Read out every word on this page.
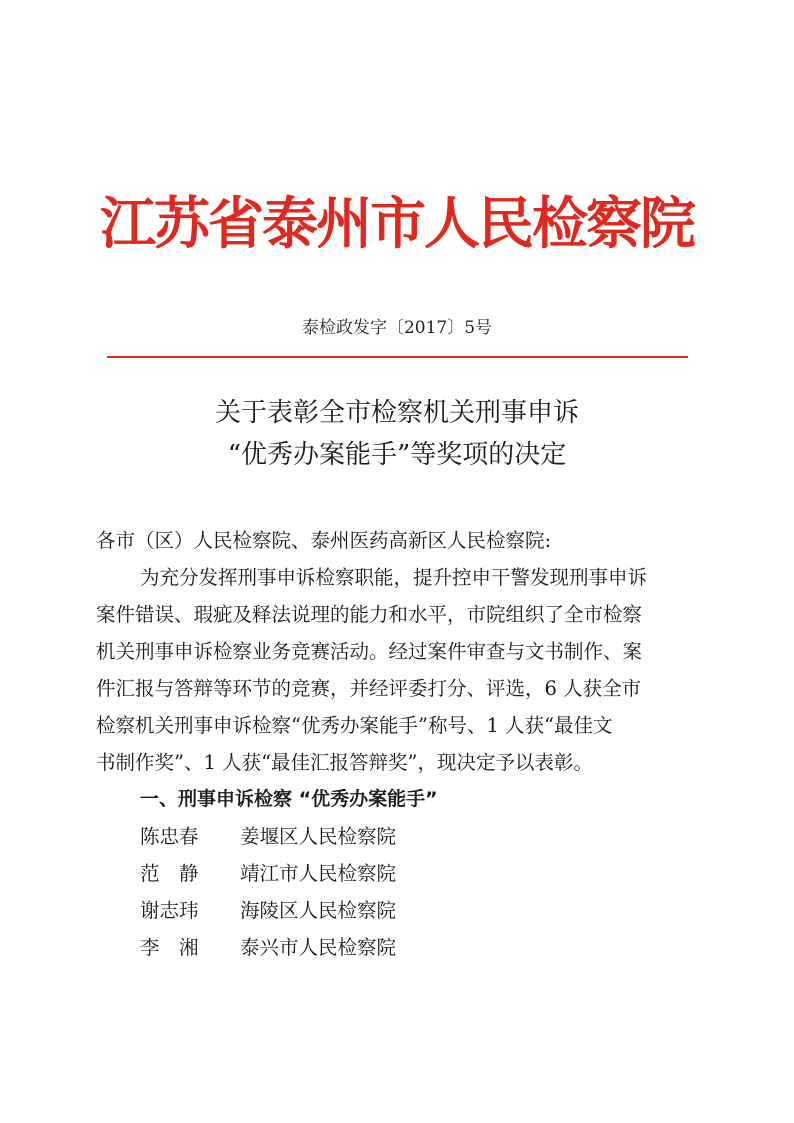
江苏省泰州市人民检察院
泰检政发字〔2017〕5号
关于表彰全市检察机关刑事申诉
“优秀办案能手”等奖项的决定
各市（区）人民检察院、泰州医药高新区人民检察院:
为充分发挥刑事申诉检察职能，提升控申干警发现刑事申诉
案件错误、瑕疵及释法说理的能力和水平，市院组织了全市检察
机关刑事申诉检察业务竞赛活动。经过案件审查与文书制作、案
件汇报与答辩等环节的竞赛，并经评委打分、评选，6 人获全市
检察机关刑事申诉检察“优秀办案能手”称号、1 人获“最佳文
书制作奖”、1 人获“最佳汇报答辩奖”，现决定予以表彰。
一、刑事申诉检察 “优秀办案能手”
陈忠春 姜堰区人民检察院
范　静 靖江市人民检察院
谢志玮 海陵区人民检察院
李　湘 泰兴市人民检察院
